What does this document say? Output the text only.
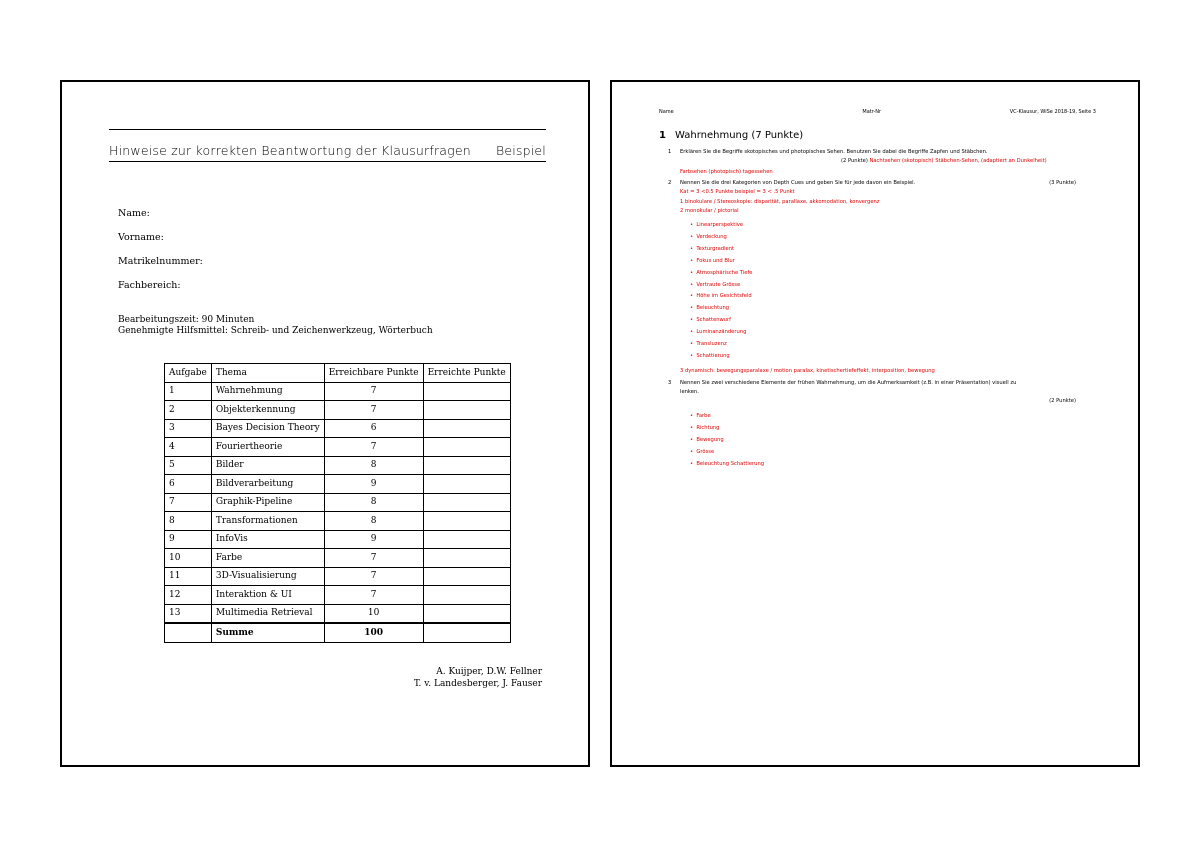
Hinweise zur korrekten Beantwortung der Klausurfragen Beispiel
Name:
Vorname:
Matrikelnummer:
Fachbereich:
Bearbeitungszeit: 90 Minuten
Genehmigte Hilfsmittel: Schreib- und Zeichenwerkzeug, Wörterbuch
Aufgabe	Thema	Erreichbare Punkte	Erreichte Punkte
1	Wahrnehmung	7	
2	Objekterkennung	7	
3	Bayes Decision Theory	6	
4	Fouriertheorie	7	
5	Bilder	8	
6	Bildverarbeitung	9	
7	Graphik-Pipeline	8	
8	Transformationen	8	
9	InfoVis	9	
10	Farbe	7	
11	3D-Visualisierung	7	
12	Interaktion & UI	7	
13	Multimedia Retrieval	10	
	Summe	100	
A. Kuijper, D.W. Fellner
T. v. Landesberger, J. Fauser
Name	Matr-Nr	VC-Klausur, WiSe 2018-19, Seite 3
1 Wahrnehmung (7 Punkte)
1 Erklären Sie die Begriffe skotopisches und photopisches Sehen. Benutzen Sie dabei die Begriffe Zapfen und Stäbchen.
(2 Punkte) Nachtsehen (skotopisch) Stäbchen-Sehen, (adaptiert an Dunkelheit)
Farbsehen (photopisch) tagessehen
2 Nennen Sie die drei Kategorien von Depth Cues und geben Sie für jede davon ein Beispiel.	(3 Punkte)
Kat = 3 <0.5 Punkte beispiel = 3 < .5 Punkt
1 binokulare / Stereoskopie: disparität, parallaxe, akkomodation, konvergenz
2 monokular / pictorial
•  Linearperspektive
•  Verdeckung
•  Texturgradient
•  Fokus und Blur
•  Atmosphärische Tiefe
•  Vertraute Grösse
•  Höhe im Gesichtsfeld
•  Beleuchtung
•  Schattenwurf
•  Luminanzänderung
•  Transluzenz
•  Schattierung
3 dynamisch: bewegungsparalaxe / motion paralax, kinetischertiefeffekt, interposition, bewegung
3 Nennen Sie zwei verschiedene Elemente der frühen Wahrnehmung, um die Aufmerksamkeit (z.B. in einer Präsentation) visuell zu
lenken.
(2 Punkte)
•  Farbe
•  Richtung
•  Bewegung
•  Grösse
•  Beleuchtung Schattierung
